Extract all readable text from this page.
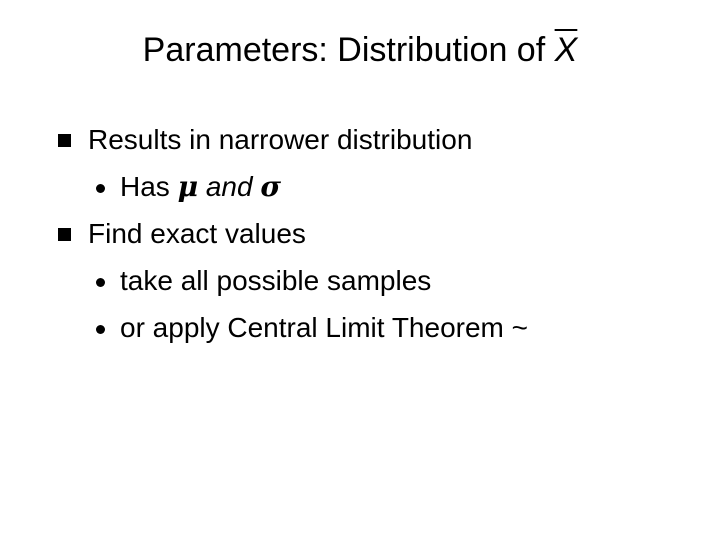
Parameters: Distribution of $\overline{X}$
Results in narrower distribution
Has μ and σ
Find exact values
take all possible samples
or apply Central Limit Theorem ~
